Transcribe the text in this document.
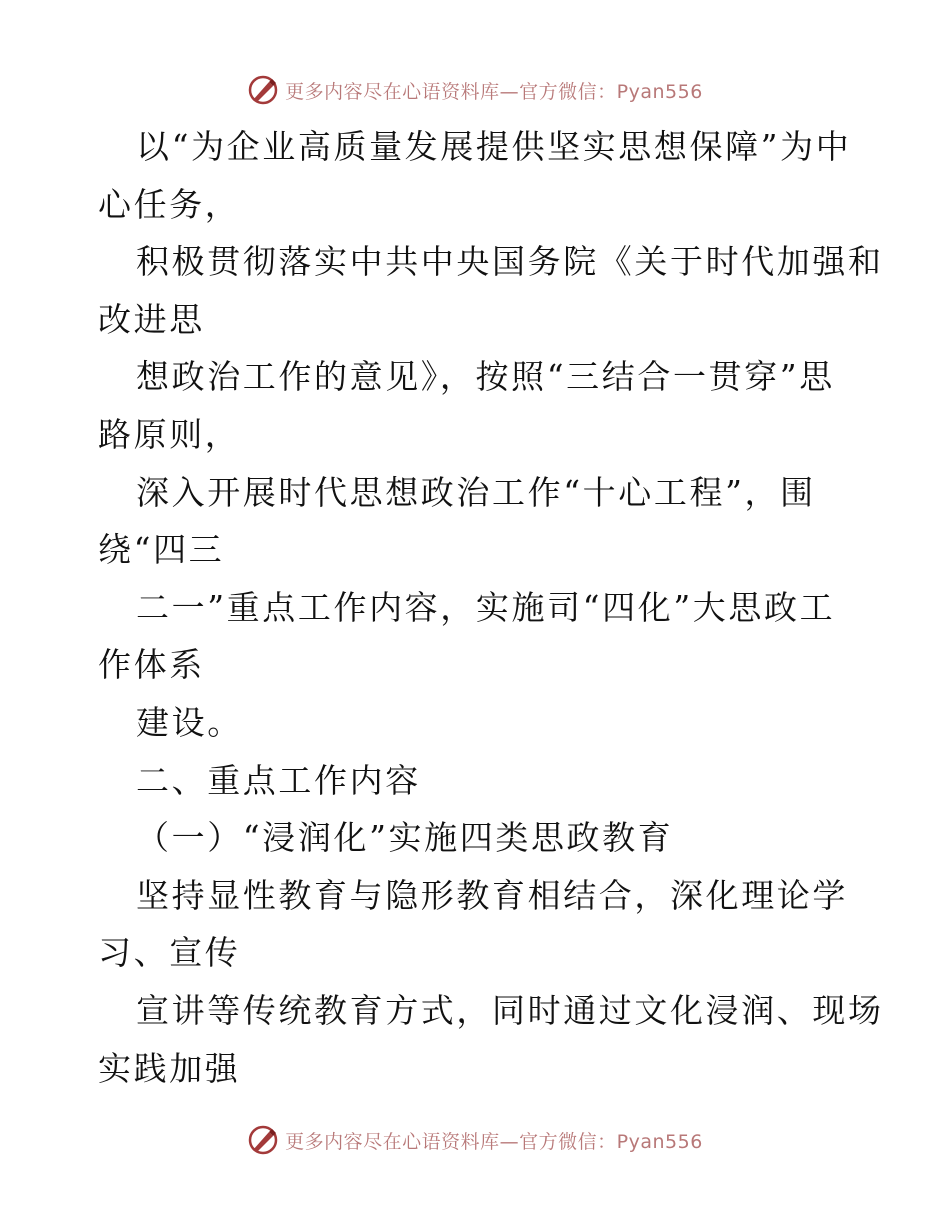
更多内容尽在心语资料库—官方微信：Pyan556
以“为企业高质量发展提供坚实思想保障”为中
心任务，
积极贯彻落实中共中央国务院《关于时代加强和
改进思
想政治工作的意见》，按照“三结合一贯穿”思
路原则，
深入开展时代思想政治工作“十心工程”，围
绕“四三
二一”重点工作内容，实施司“四化”大思政工
作体系
建设。
二、重点工作内容
（一）“浸润化”实施四类思政教育
坚持显性教育与隐形教育相结合，深化理论学
习、宣传
宣讲等传统教育方式，同时通过文化浸润、现场
实践加强
更多内容尽在心语资料库—官方微信：Pyan556
